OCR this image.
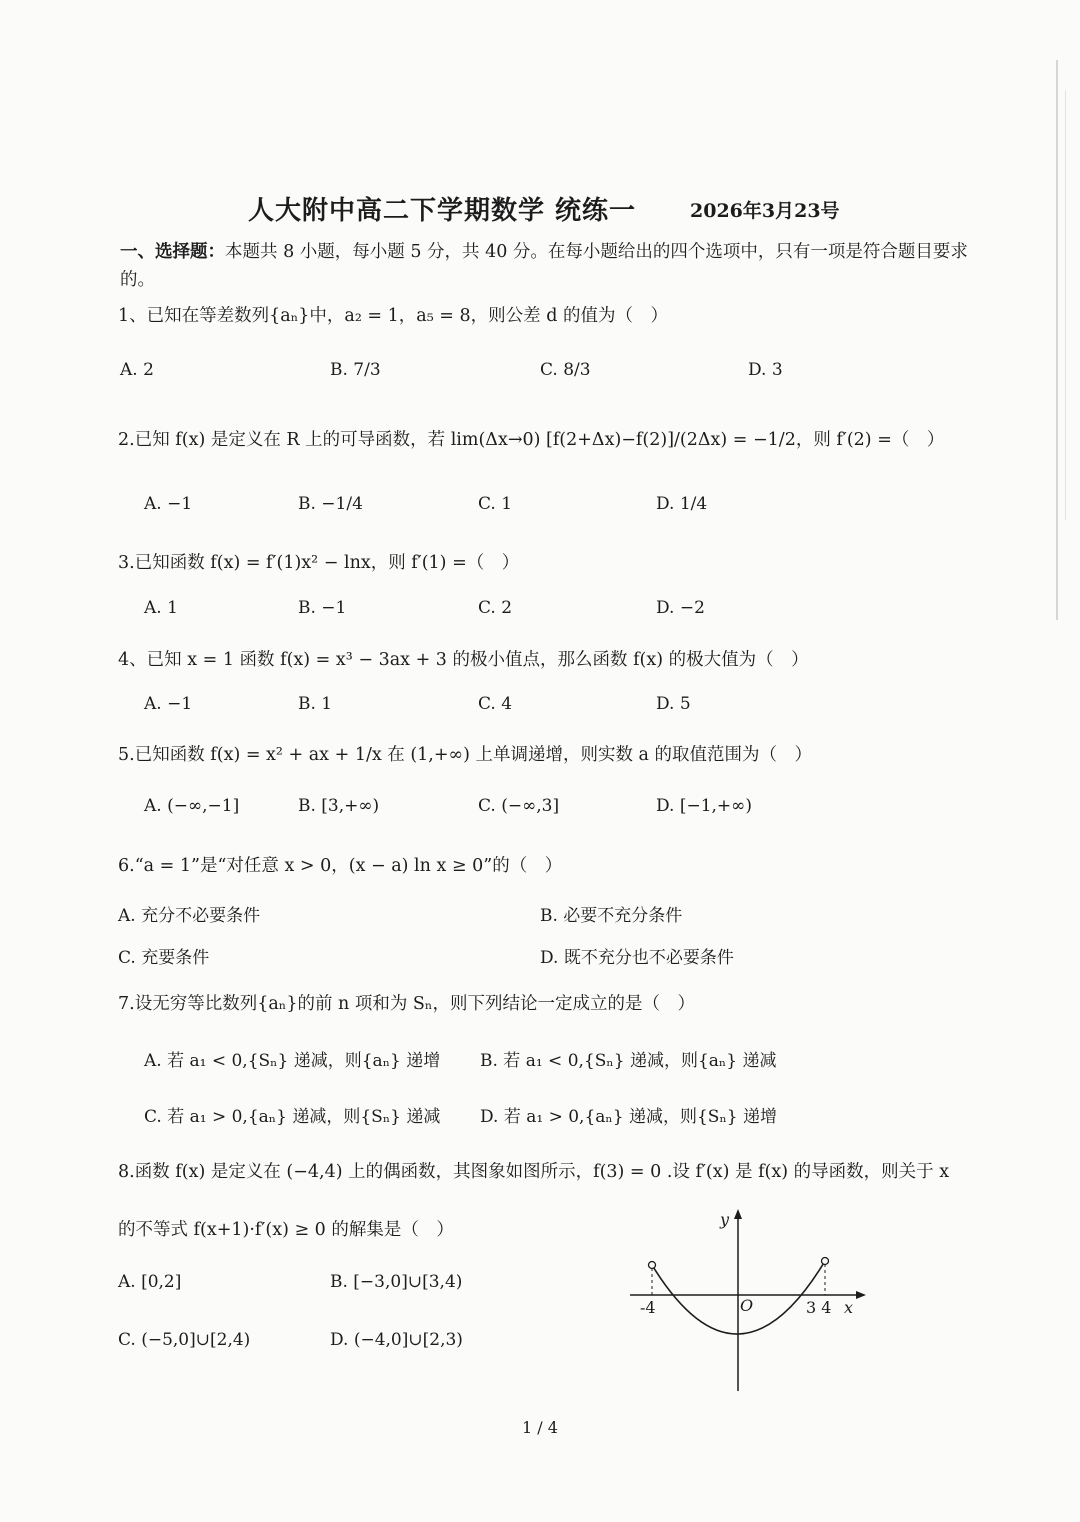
人大附中高二下学期数学 统练一	2026年3月23号
一、选择题：本题共 8 小题，每小题 5 分，共 40 分。在每小题给出的四个选项中，只有一项是符合题目要求的。
1、已知在等差数列{aₙ}中，a₂ = 1，a₅ = 8，则公差 d 的值为（　）
A. 2	B. 7/3	C. 8/3	D. 3
2.已知 f(x) 是定义在 R 上的可导函数，若 lim(Δx→0) [f(2+Δx)−f(2)]/(2Δx) = −1/2，则 f′(2) =（　）
A. −1	B. −1/4	C. 1	D. 1/4
3.已知函数 f(x) = f′(1)x² − lnx，则 f′(1) =（　）
A. 1	B. −1	C. 2	D. −2
4、已知 x = 1 函数 f(x) = x³ − 3ax + 3 的极小值点，那么函数 f(x) 的极大值为（　）
A. −1	B. 1	C. 4	D. 5
5.已知函数 f(x) = x² + ax + 1/x 在 (1,+∞) 上单调递增，则实数 a 的取值范围为（　）
A. (−∞,−1]	B. [3,+∞)	C. (−∞,3]	D. [−1,+∞)
6.“a = 1”是“对任意 x > 0，(x − a) ln x ≥ 0”的（　）
A. 充分不必要条件	B. 必要不充分条件
C. 充要条件	D. 既不充分也不必要条件
7.设无穷等比数列{aₙ}的前 n 项和为 Sₙ，则下列结论一定成立的是（　）
A. 若 a₁ < 0,{Sₙ} 递减，则{aₙ} 递增 B. 若 a₁ < 0,{Sₙ} 递减，则{aₙ} 递减
C. 若 a₁ > 0,{aₙ} 递减，则{Sₙ} 递减 D. 若 a₁ > 0,{aₙ} 递减，则{Sₙ} 递增
8.函数 f(x) 是定义在 (−4,4) 上的偶函数，其图象如图所示，f(3) = 0 .设 f′(x) 是 f(x) 的导函数，则关于 x
的不等式 f(x+1)·f′(x) ≥ 0 的解集是（　）
A. [0,2]	B. [−3,0]∪[3,4)
C. (−5,0]∪[2,4)	D. (−4,0]∪[2,3)
y
x
O
-4	3 4
1 / 4
